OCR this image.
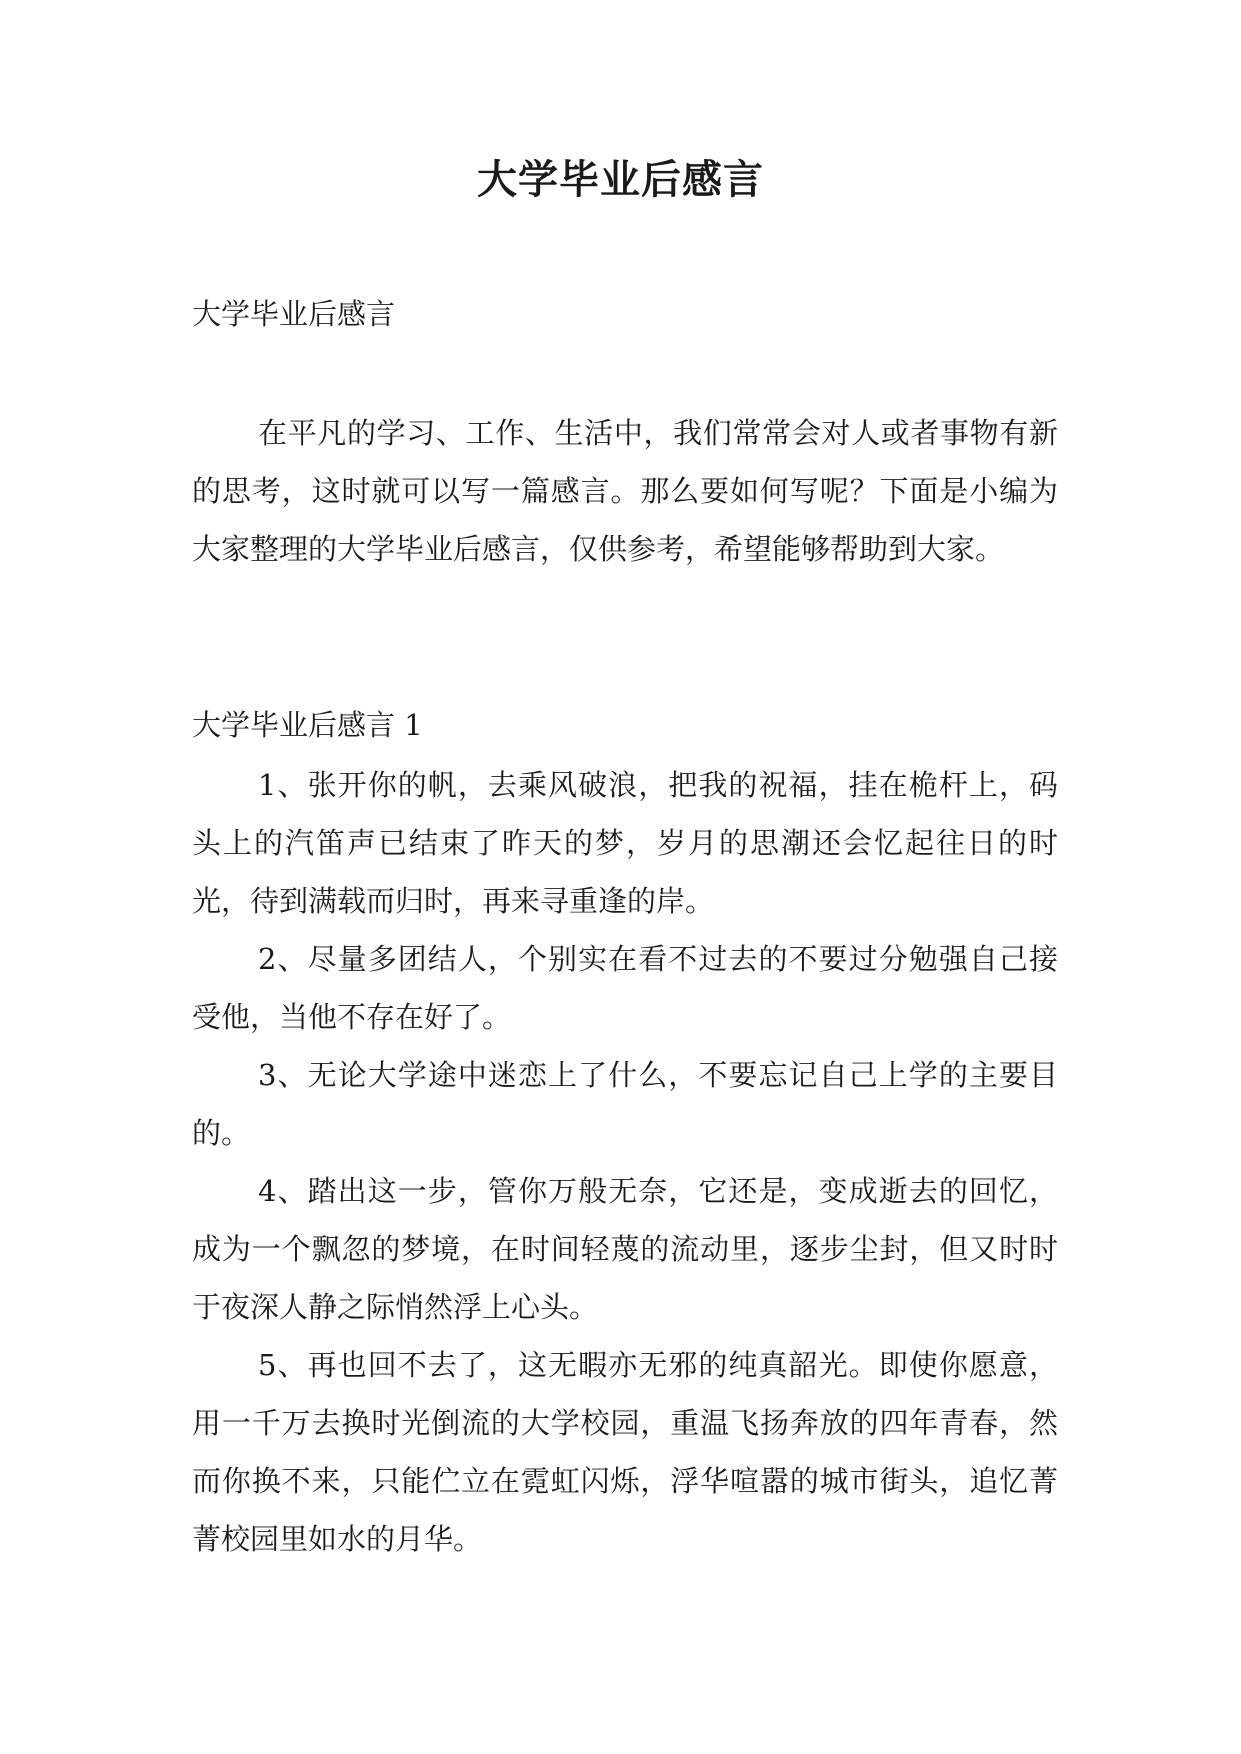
大学毕业后感言

大学毕业后感言

在平凡的学习、工作、生活中，我们常常会对人或者事物有新的思考，这时就可以写一篇感言。那么要如何写呢？下面是小编为大家整理的大学毕业后感言，仅供参考，希望能够帮助到大家。

大学毕业后感言 1

1、张开你的帆，去乘风破浪，把我的祝福，挂在桅杆上，码头上的汽笛声已结束了昨天的梦，岁月的思潮还会忆起往日的时光，待到满载而归时，再来寻重逢的岸。

2、尽量多团结人，个别实在看不过去的不要过分勉强自己接受他，当他不存在好了。

3、无论大学途中迷恋上了什么，不要忘记自己上学的主要目的。

4、踏出这一步，管你万般无奈，它还是，变成逝去的回忆，成为一个飘忽的梦境，在时间轻蔑的流动里，逐步尘封，但又时时于夜深人静之际悄然浮上心头。

5、再也回不去了，这无暇亦无邪的纯真韶光。即使你愿意，用一千万去换时光倒流的大学校园，重温飞扬奔放的四年青春，然而你换不来，只能伫立在霓虹闪烁，浮华喧嚣的城市街头，追忆菁菁校园里如水的月华。
